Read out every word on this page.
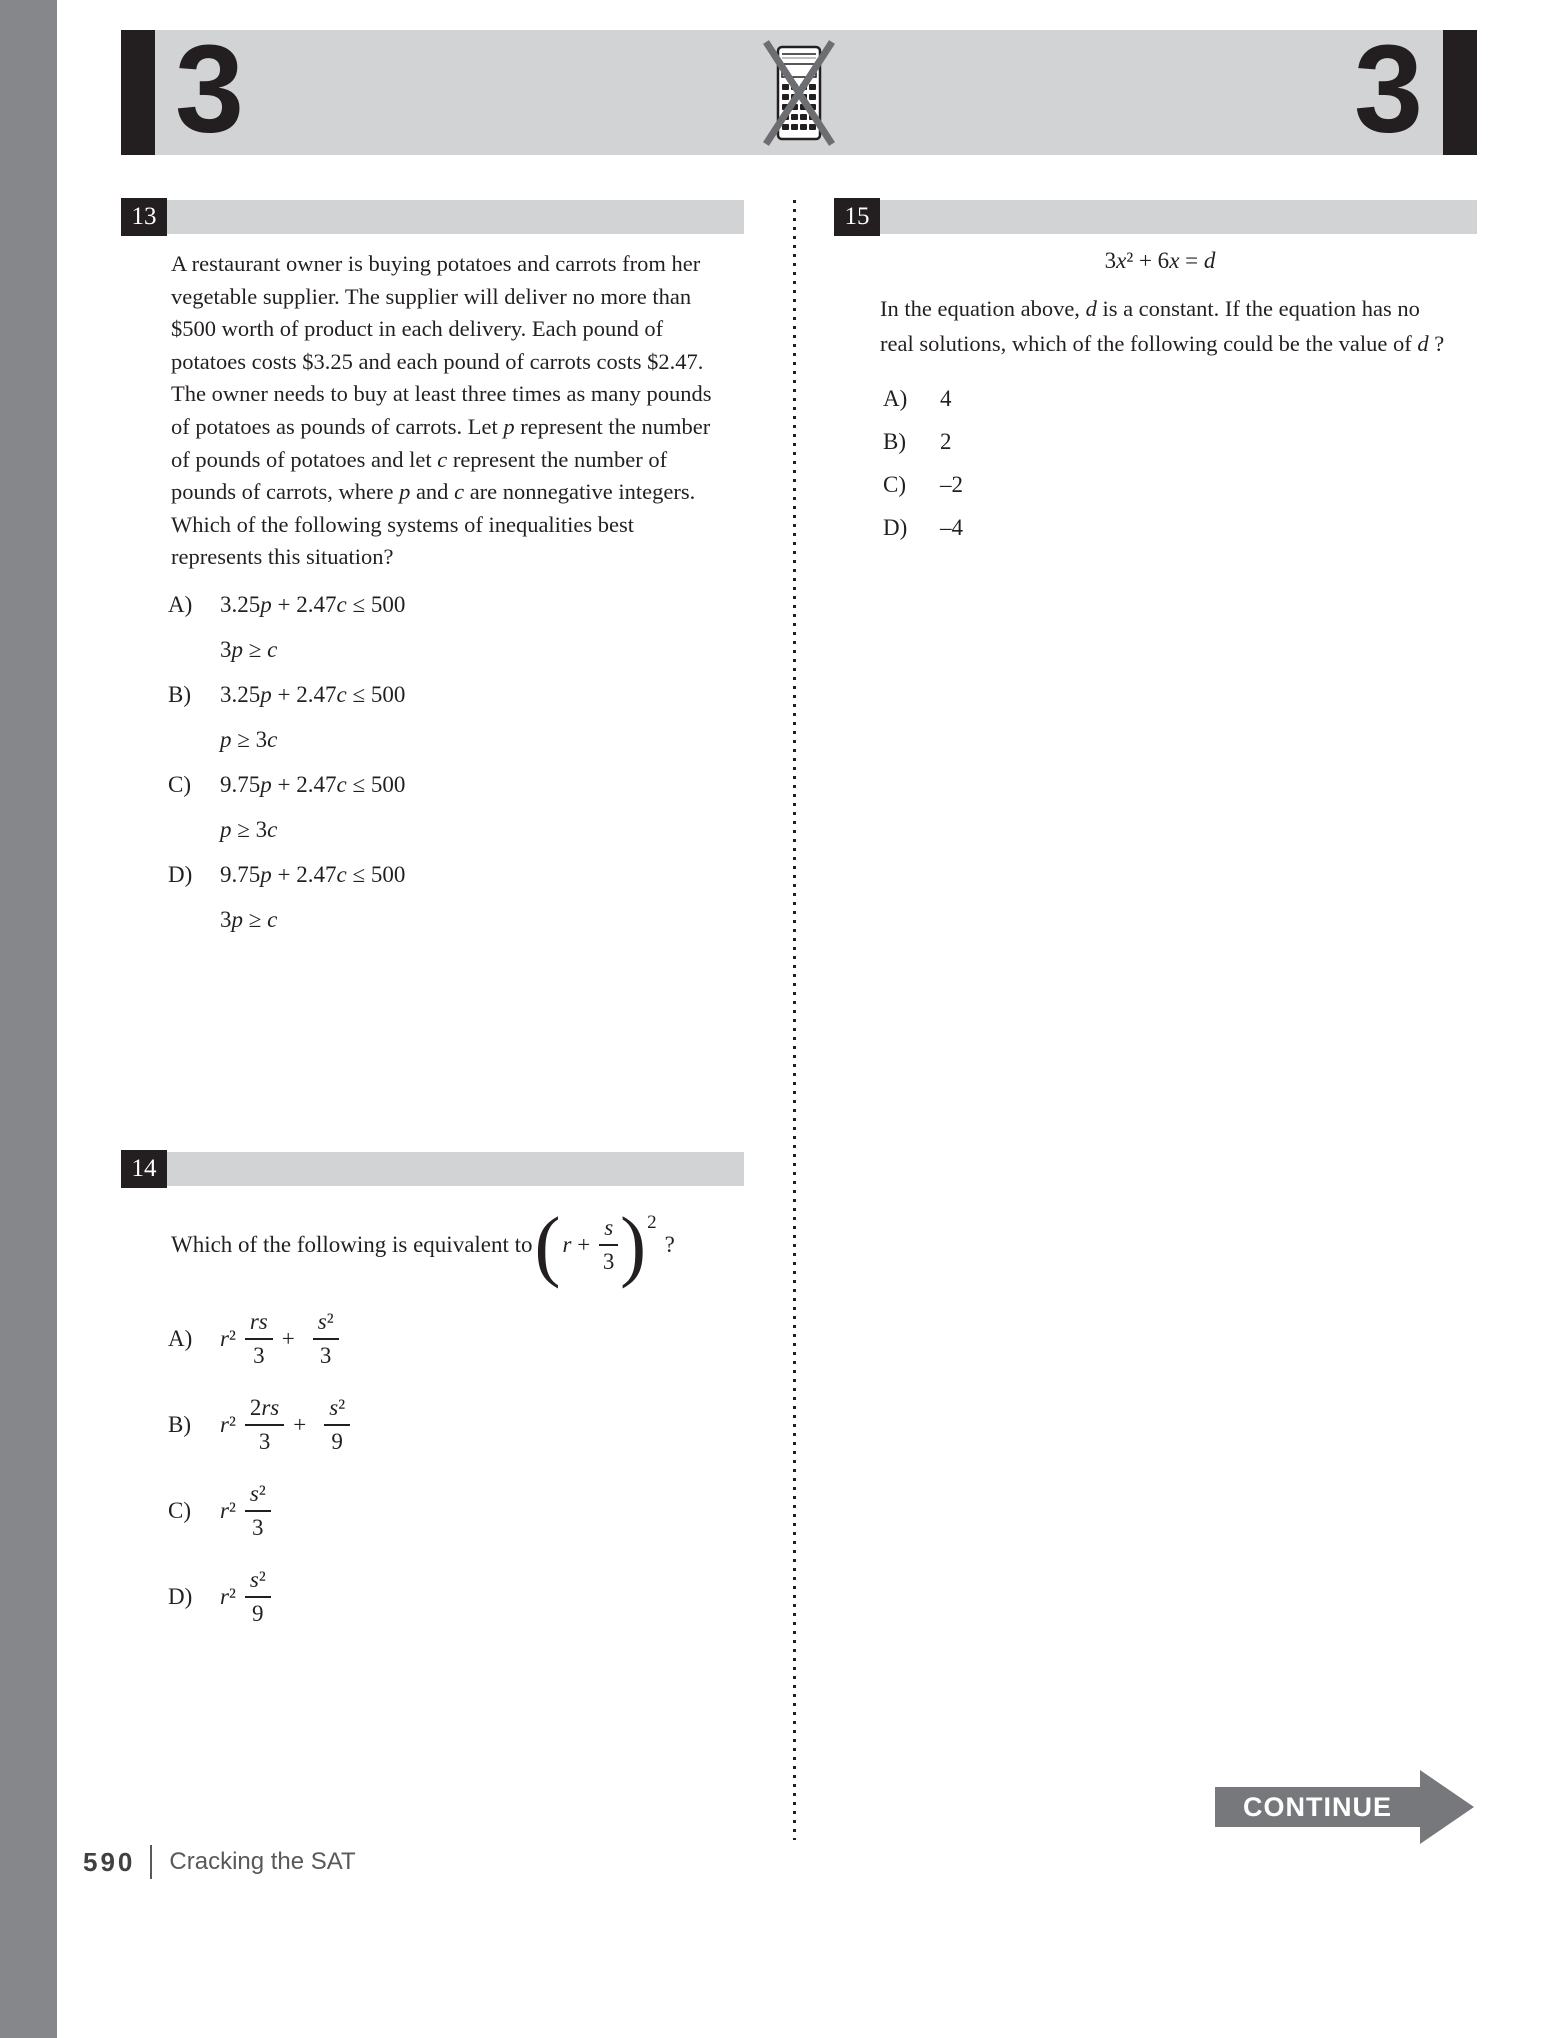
3	3
13
A restaurant owner is buying potatoes and carrots from her vegetable supplier. The supplier will deliver no more than $500 worth of product in each delivery. Each pound of potatoes costs $3.25 and each pound of carrots costs $2.47. The owner needs to buy at least three times as many pounds of potatoes as pounds of carrots. Let p represent the number of pounds of potatoes and let c represent the number of pounds of carrots, where p and c are nonnegative integers. Which of the following systems of inequalities best represents this situation?
A)	3.25p + 2.47c ≤ 500
3p ≥ c
B)	3.25p + 2.47c ≤ 500
p ≥ 3c
C)	9.75p + 2.47c ≤ 500
p ≥ 3c
D)	9.75p + 2.47c ≤ 500
3p ≥ c
14
Which of the following is equivalent to ( $r + \frac{s}{3}$ ) 2
?
A)	$r^2 \frac{rs}{3} + \frac{\text{s²}}{3}$
B)	$r^2 \frac{2rs}{3} + \frac{\text{s²}}{9}$
C)	$r^2 \frac{\text{s²}}{3}$
D)	$r^2 \frac{\text{s²}}{9}$
15
3x² + 6x = d
In the equation above, d is a constant. If the equation has no real solutions, which of the following could be the value of d ?
A)	4
B)	2
C)	–2
D)	–4
CONTINUE
590 Cracking the SAT
